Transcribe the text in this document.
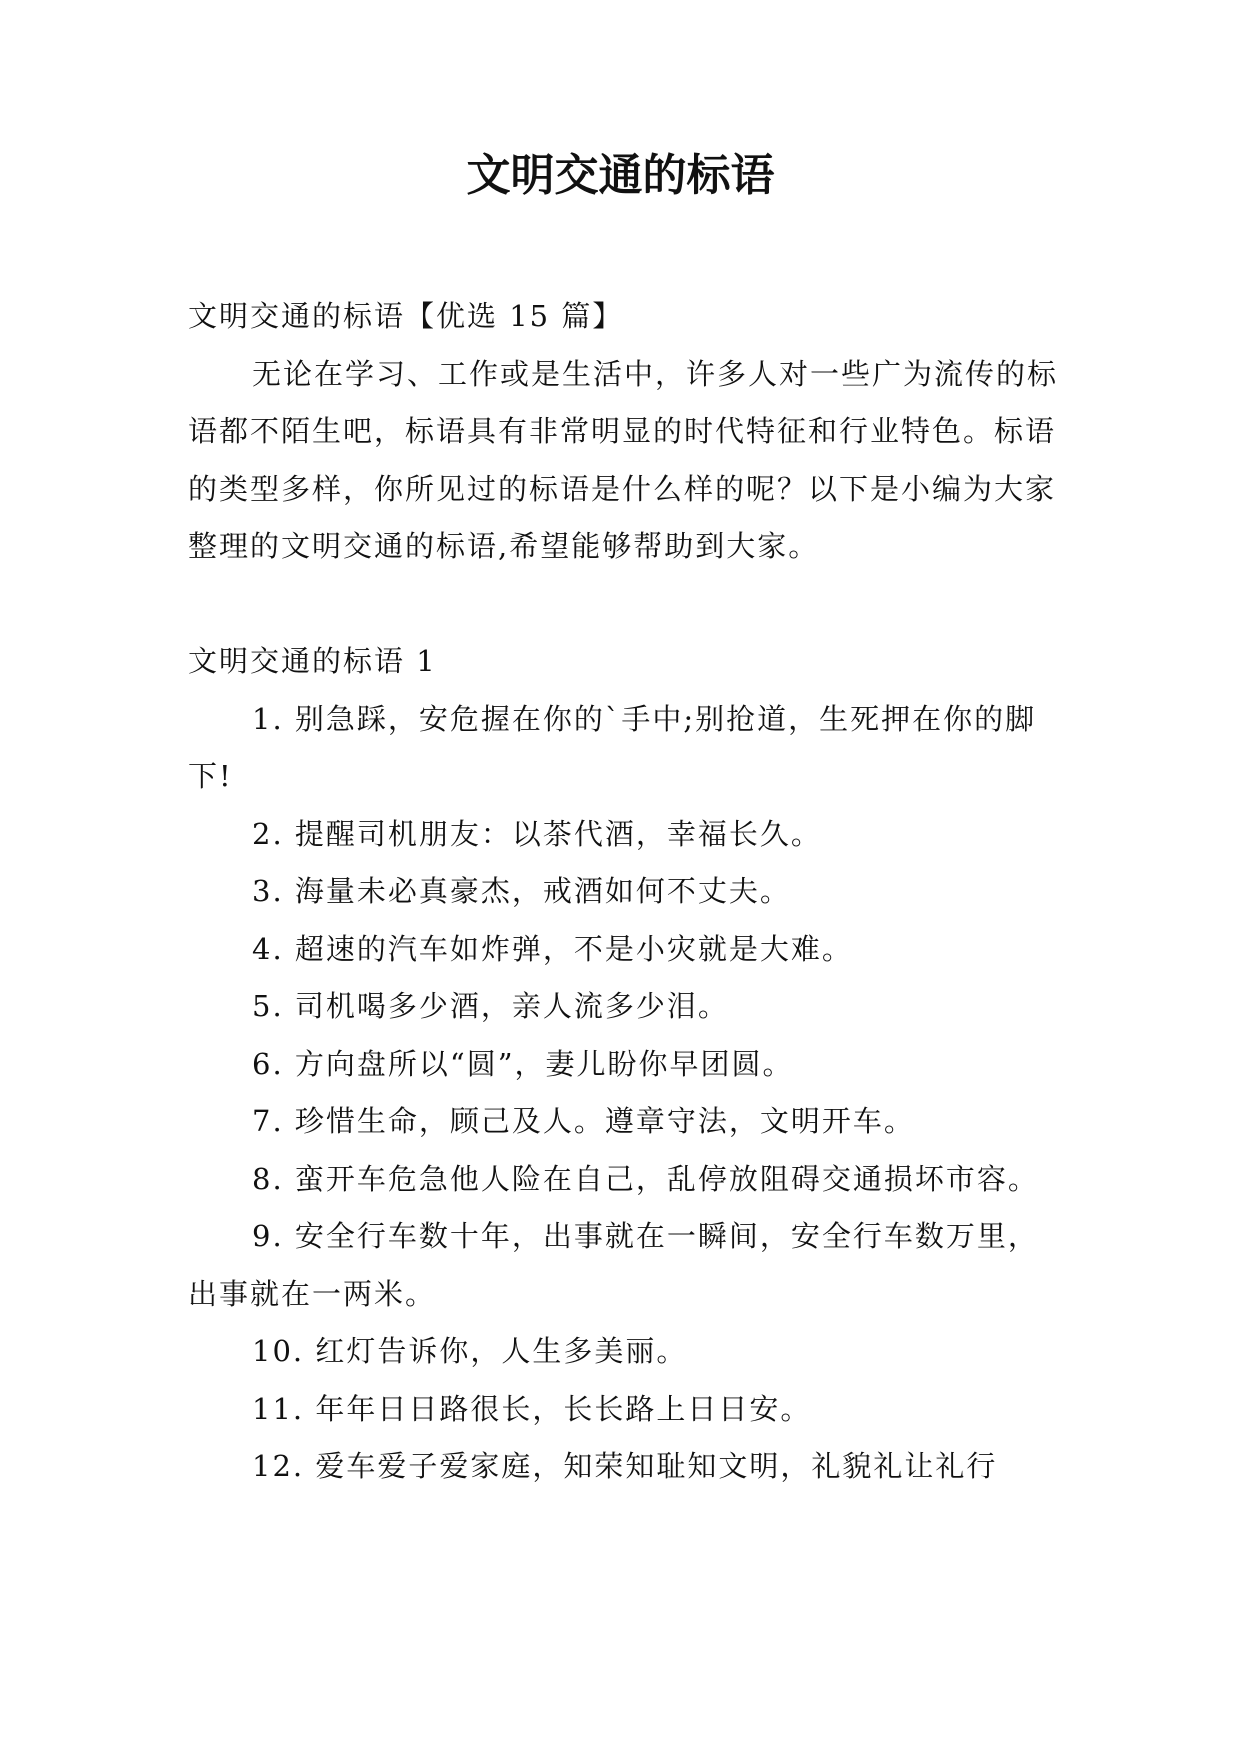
文明交通的标语

文明交通的标语【优选 15 篇】

无论在学习、工作或是生活中，许多人对一些广为流传的标语都不陌生吧，标语具有非常明显的时代特征和行业特色。标语的类型多样，你所见过的标语是什么样的呢？以下是小编为大家整理的文明交通的标语,希望能够帮助到大家。

文明交通的标语 1

1. 别急踩，安危握在你的`手中;别抢道，生死押在你的脚下!

2. 提醒司机朋友：以茶代酒，幸福长久。

3. 海量未必真豪杰，戒酒如何不丈夫。

4. 超速的汽车如炸弹，不是小灾就是大难。

5. 司机喝多少酒，亲人流多少泪。

6. 方向盘所以“圆”，妻儿盼你早团圆。

7. 珍惜生命，顾己及人。遵章守法，文明开车。

8. 蛮开车危急他人险在自己，乱停放阻碍交通损坏市容。

9. 安全行车数十年，出事就在一瞬间，安全行车数万里，出事就在一两米。

10. 红灯告诉你，人生多美丽。

11. 年年日日路很长，长长路上日日安。

12. 爱车爱子爱家庭，知荣知耻知文明，礼貌礼让礼行
